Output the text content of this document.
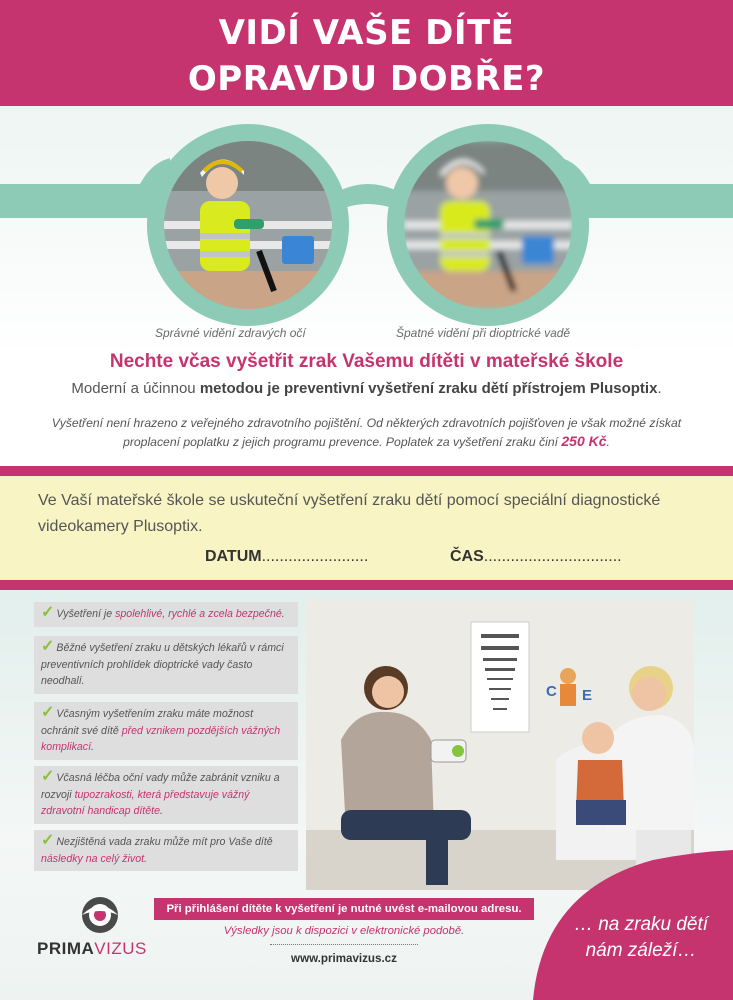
VIDÍ VAŠE DÍTĚ
OPRAVDU DOBŘE?
Správné vidění zdravých očí	Špatné vidění při dioptrické vadě
Nechte včas vyšetřit zrak Vašemu dítěti v mateřské škole
Moderní a účinnou metodou je preventivní vyšetření zraku dětí přístrojem Plusoptix.
Vyšetření není hrazeno z veřejného zdravotního pojištění. Od některých zdravotních pojišťoven je však možné získat proplacení poplatku z jejich programu prevence. Poplatek za vyšetření zraku činí 250 Kč.

Ve Vaší mateřské škole se uskuteční vyšetření zraku dětí pomocí speciální diagnostické videokamery Plusoptix.

DATUM........................	ČAS...............................
✓ Vyšetření je spolehlivé, rychlé a zcela bezpečné.
✓ Běžné vyšetření zraku u dětských lékařů v rámci preventivních prohlídek dioptrické vady často neodhalí.
✓ Včasným vyšetřením zraku máte možnost ochránit své dítě před vznikem pozdějších vážných komplikací.
✓ Včasná léčba oční vady může zabránit vzniku a rozvoji tupozrakosti, která představuje vážný zdravotní handicap dítěte.
✓ Nezjištěná vada zraku může mít pro Vaše dítě následky na celý život.
C E
PRIMAVIZUS
Při přihlášení dítěte k vyšetření je nutné uvést e-mailovou adresu.
Výsledky jsou k dispozici v elektronické podobě.
www.primavizus.cz
… na zraku dětí
nám záleží…
